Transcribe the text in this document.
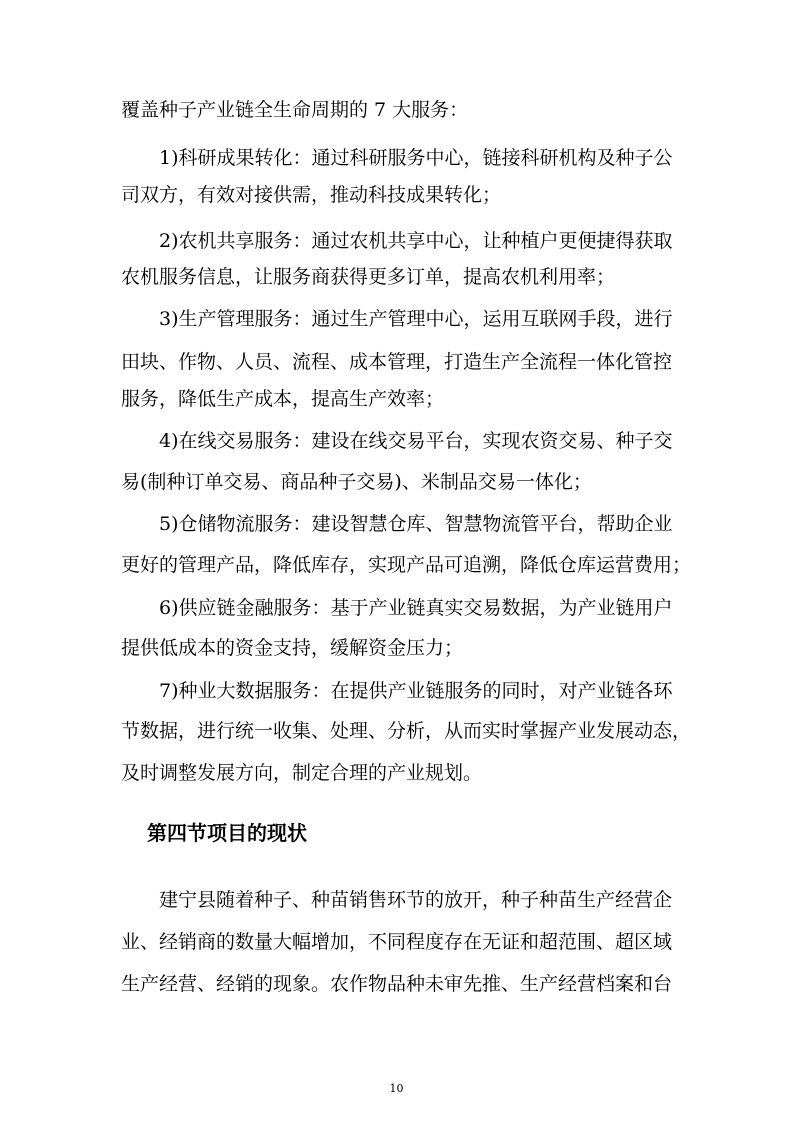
覆盖种子产业链全生命周期的 7 大服务：
1)科研成果转化：通过科研服务中心，链接科研机构及种子公
司双方，有效对接供需，推动科技成果转化；
2)农机共享服务：通过农机共享中心，让种植户更便捷得获取
农机服务信息，让服务商获得更多订单，提高农机利用率；
3)生产管理服务：通过生产管理中心，运用互联网手段，进行
田块、作物、人员、流程、成本管理，打造生产全流程一体化管控
服务，降低生产成本，提高生产效率；
4)在线交易服务：建设在线交易平台，实现农资交易、种子交
易(制种订单交易、商品种子交易)、米制品交易一体化；
5)仓储物流服务：建设智慧仓库、智慧物流管平台，帮助企业
更好的管理产品，降低库存，实现产品可追溯，降低仓库运营费用；
6)供应链金融服务：基于产业链真实交易数据，为产业链用户
提供低成本的资金支持，缓解资金压力；
7)种业大数据服务：在提供产业链服务的同时，对产业链各环
节数据，进行统一收集、处理、分析，从而实时掌握产业发展动态，
及时调整发展方向，制定合理的产业规划。
第四节项目的现状
建宁县随着种子、种苗销售环节的放开，种子种苗生产经营企
业、经销商的数量大幅增加，不同程度存在无证和超范围、超区域
生产经营、经销的现象。农作物品种未审先推、生产经营档案和台
10
